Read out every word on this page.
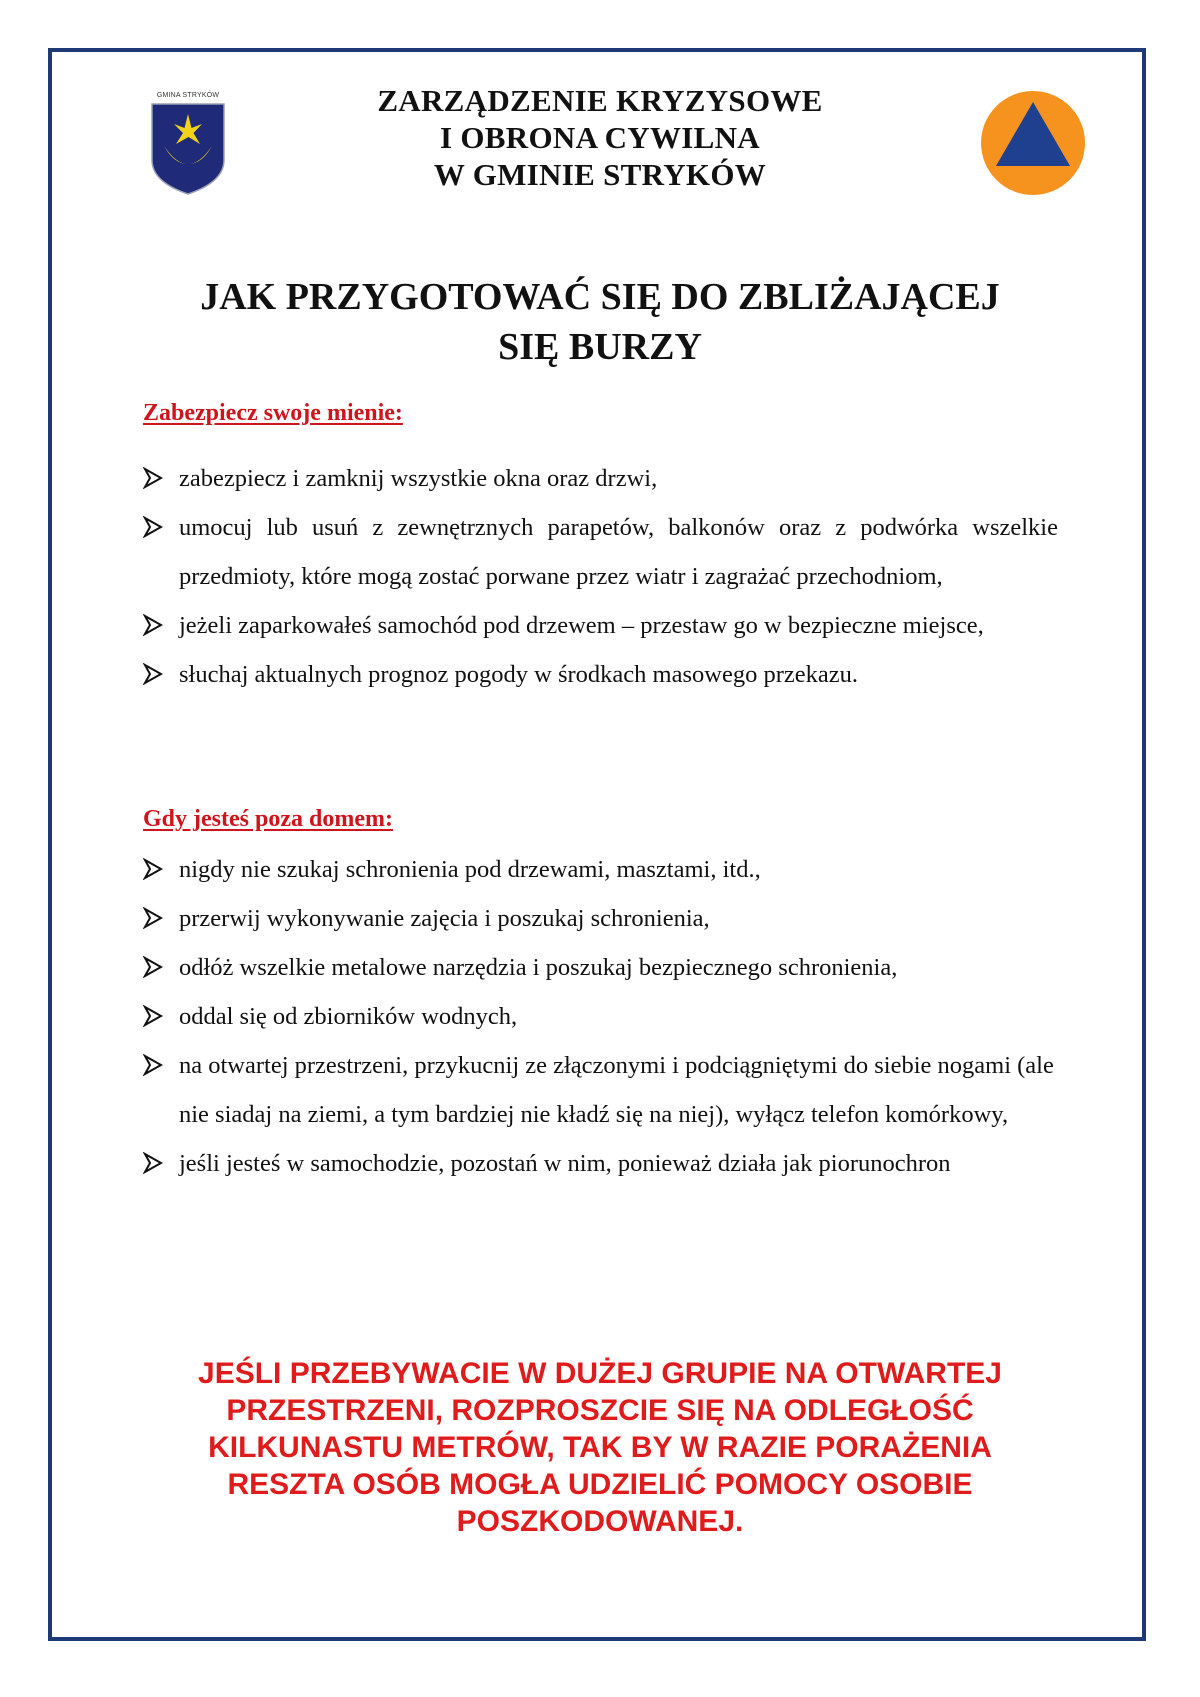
GMINA STRYKÓW	ZARZĄDZENIE KRYZYSOWE
I OBRONA CYWILNA
W GMINIE STRYKÓW
JAK PRZYGOTOWAĆ SIĘ DO ZBLIŻAJĄCEJ
SIĘ BURZY
Zabezpiecz swoje mienie:
zabezpiecz i zamknij wszystkie okna oraz drzwi,
umocuj lub usuń z zewnętrznych parapetów, balkonów oraz z podwórka wszelkie przedmioty, które mogą zostać porwane przez wiatr i zagrażać przechodniom,
jeżeli zaparkowałeś samochód pod drzewem – przestaw go w bezpieczne miejsce,
słuchaj aktualnych prognoz pogody w środkach masowego przekazu.
Gdy jesteś poza domem:
nigdy nie szukaj schronienia pod drzewami, masztami, itd.,
przerwij wykonywanie zajęcia i poszukaj schronienia,
odłóż wszelkie metalowe narzędzia i poszukaj bezpiecznego schronienia,
oddal się od zbiorników wodnych,
na otwartej przestrzeni, przykucnij ze złączonymi i podciągniętymi do siebie nogami (ale nie siadaj na ziemi, a tym bardziej nie kładź się na niej), wyłącz telefon komórkowy,
jeśli jesteś w samochodzie, pozostań w nim, ponieważ działa jak piorunochron
JEŚLI PRZEBYWACIE W DUŻEJ GRUPIE NA OTWARTEJ
PRZESTRZENI, ROZPROSZCIE SIĘ NA ODLEGŁOŚĆ
KILKUNASTU METRÓW, TAK BY W RAZIE PORAŻENIA
RESZTA OSÓB MOGŁA UDZIELIĆ POMOCY OSOBIE
POSZKODOWANEJ.
